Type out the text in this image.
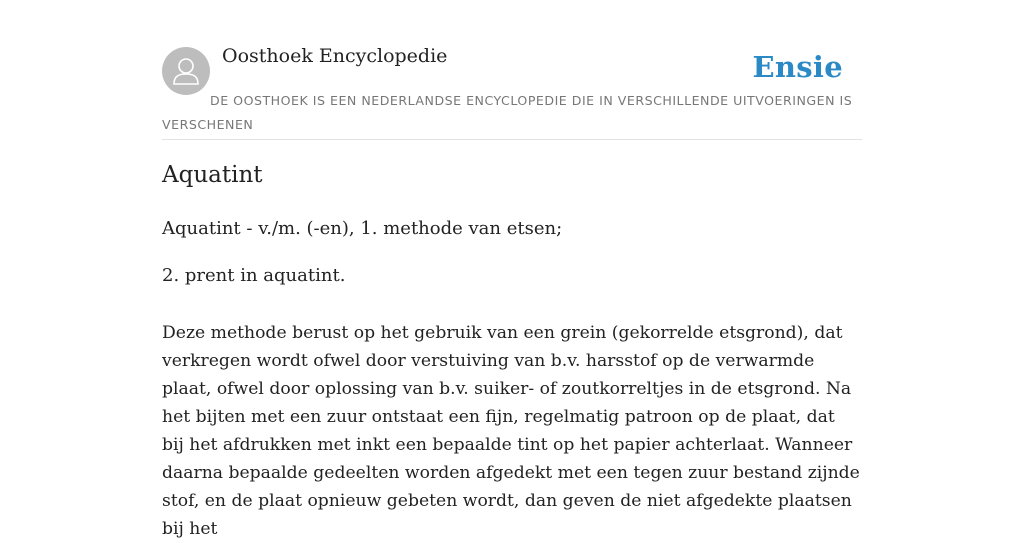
Oosthoek Encyclopedie	Ensie
DE OOSTHOEK IS EEN NEDERLANDSE ENCYCLOPEDIE DIE IN VERSCHILLENDE UITVOERINGEN IS VERSCHENEN
Aquatint

Aquatint - v./m. (-en), 1. methode van etsen;

2. prent in aquatint.

Deze methode berust op het gebruik van een grein (gekorrelde etsgrond), dat verkregen wordt ofwel door verstuiving van b.v. harsstof op de verwarmde plaat, ofwel door oplossing van b.v. suiker- of zoutkorreltjes in de etsgrond. Na het bijten met een zuur ontstaat een fijn, regelmatig patroon op de plaat, dat bij het afdrukken met inkt een bepaalde tint op het papier achterlaat. Wanneer daarna bepaalde gedeelten worden afgedekt met een tegen zuur bestand zijnde stof, en de plaat opnieuw gebeten wordt, dan geven de niet afgedekte plaatsen bij het
